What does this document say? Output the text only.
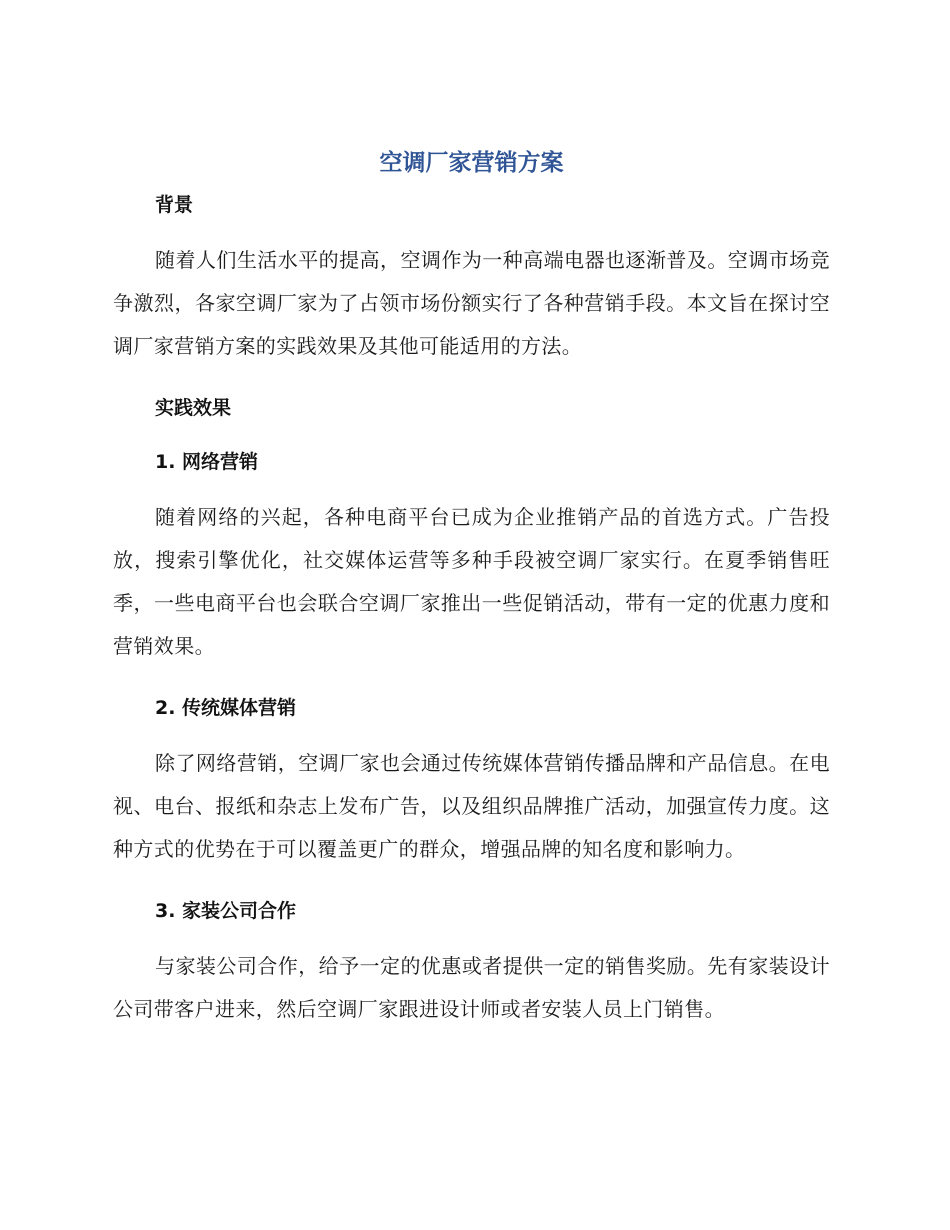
空调厂家营销方案
背景

随着人们生活水平的提高，空调作为一种高端电器也逐渐普及。空调市场竞争激烈，各家空调厂家为了占领市场份额实行了各种营销手段。本文旨在探讨空调厂家营销方案的实践效果及其他可能适用的方法。

实践效果
1. 网络营销

随着网络的兴起，各种电商平台已成为企业推销产品的首选方式。广告投放，搜索引擎优化，社交媒体运营等多种手段被空调厂家实行。在夏季销售旺季，一些电商平台也会联合空调厂家推出一些促销活动，带有一定的优惠力度和营销效果。

2. 传统媒体营销

除了网络营销，空调厂家也会通过传统媒体营销传播品牌和产品信息。在电视、电台、报纸和杂志上发布广告，以及组织品牌推广活动，加强宣传力度。这种方式的优势在于可以覆盖更广的群众，增强品牌的知名度和影响力。

3. 家装公司合作

与家装公司合作，给予一定的优惠或者提供一定的销售奖励。先有家装设计公司带客户进来，然后空调厂家跟进设计师或者安装人员上门销售。
